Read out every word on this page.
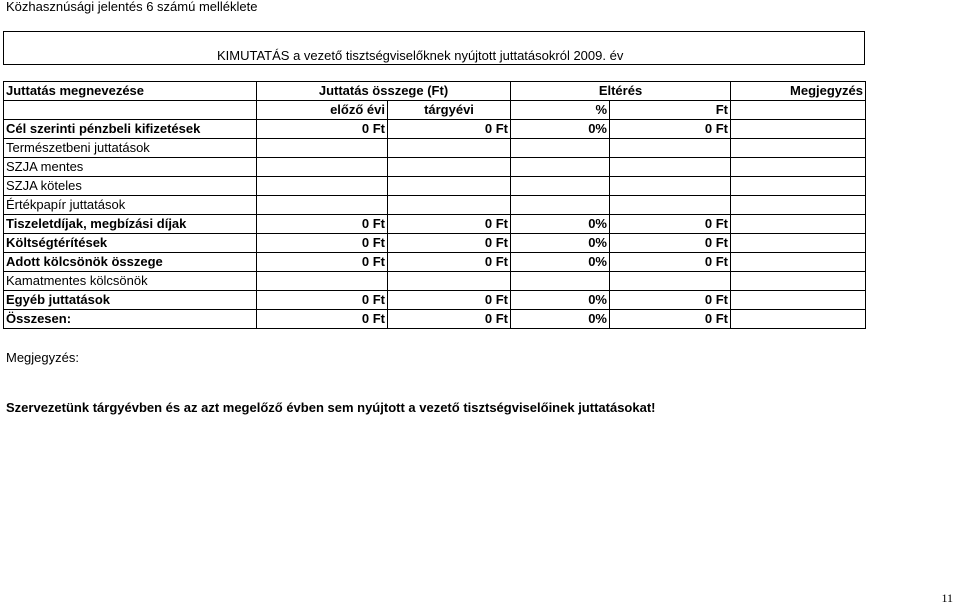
Közhasznúsági jelentés 6 számú melléklete
KIMUTATÁS a vezető tisztségviselőknek nyújtott juttatásokról 2009. év
Juttatás megnevezése	Juttatás összege (Ft)		Eltérés		Megjegyzés
	előző évi	tárgyévi	%	Ft	
Cél szerinti pénzbeli kifizetések	0 Ft	0 Ft	0%	0 Ft	
Természetbeni juttatások					
SZJA mentes					
SZJA köteles					
Értékpapír juttatások					
Tiszeletdíjak, megbízási díjak	0 Ft	0 Ft	0%	0 Ft	
Költségtérítések	0 Ft	0 Ft	0%	0 Ft	
Adott kölcsönök összege	0 Ft	0 Ft	0%	0 Ft	
Kamatmentes kölcsönök					
Egyéb juttatások	0 Ft	0 Ft	0%	0 Ft	
Összesen:	0 Ft	0 Ft	0%	0 Ft	
Megjegyzés:
Szervezetünk tárgyévben és az azt megelőző évben sem nyújtott a vezető tisztségviselőinek juttatásokat!
11
